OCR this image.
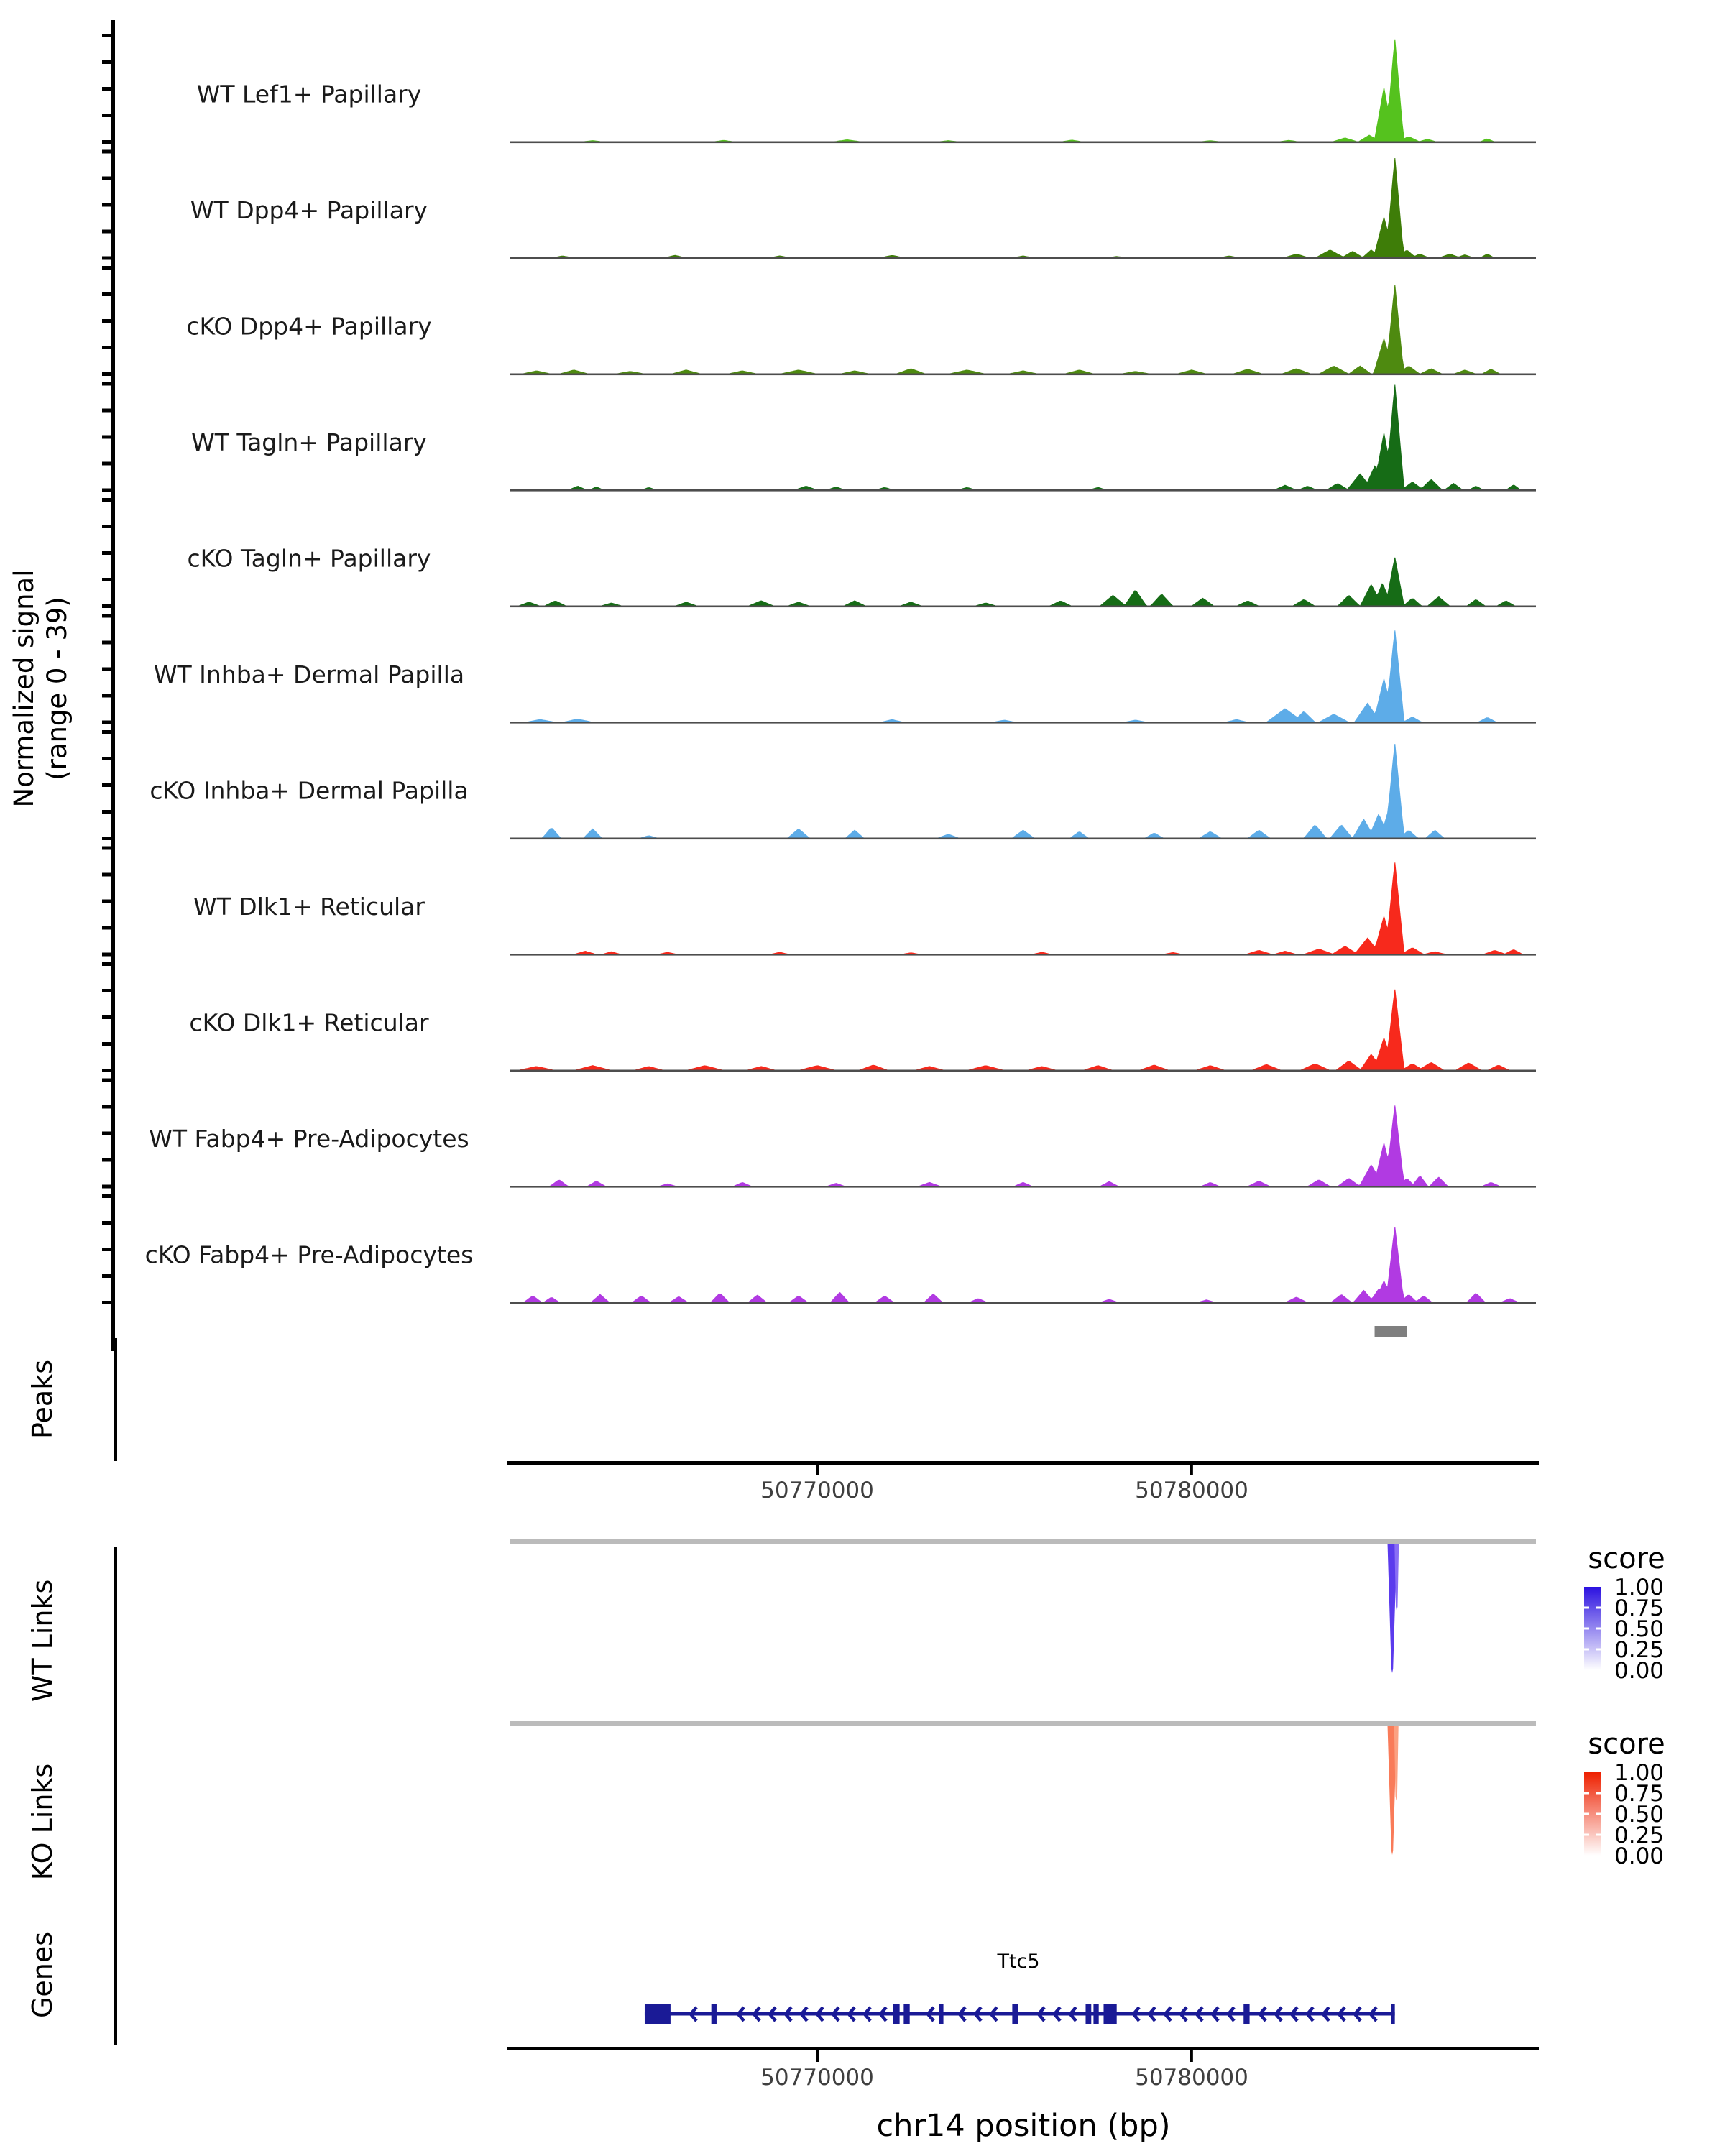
WT Lef1+ Papillary
WT Dpp4+ Papillary
cKO Dpp4+ Papillary
WT Tagln+ Papillary
cKO Tagln+ Papillary
WT Inhba+ Dermal Papilla
cKO Inhba+ Dermal Papilla
WT Dlk1+ Reticular
cKO Dlk1+ Reticular
WT Fabp4+ Pre-Adipocytes
cKO Fabp4+ Pre-Adipocytes
1.00
0.75
0.50
0.25
0.00
1.00
0.75
0.50
0.25
0.00
Normalized signal (range 0 - 39)
Peaks
WT Links
KO Links
Genes
50770000	50780000
score
score
Ttc5
50770000	50780000
chr14 position (bp)
